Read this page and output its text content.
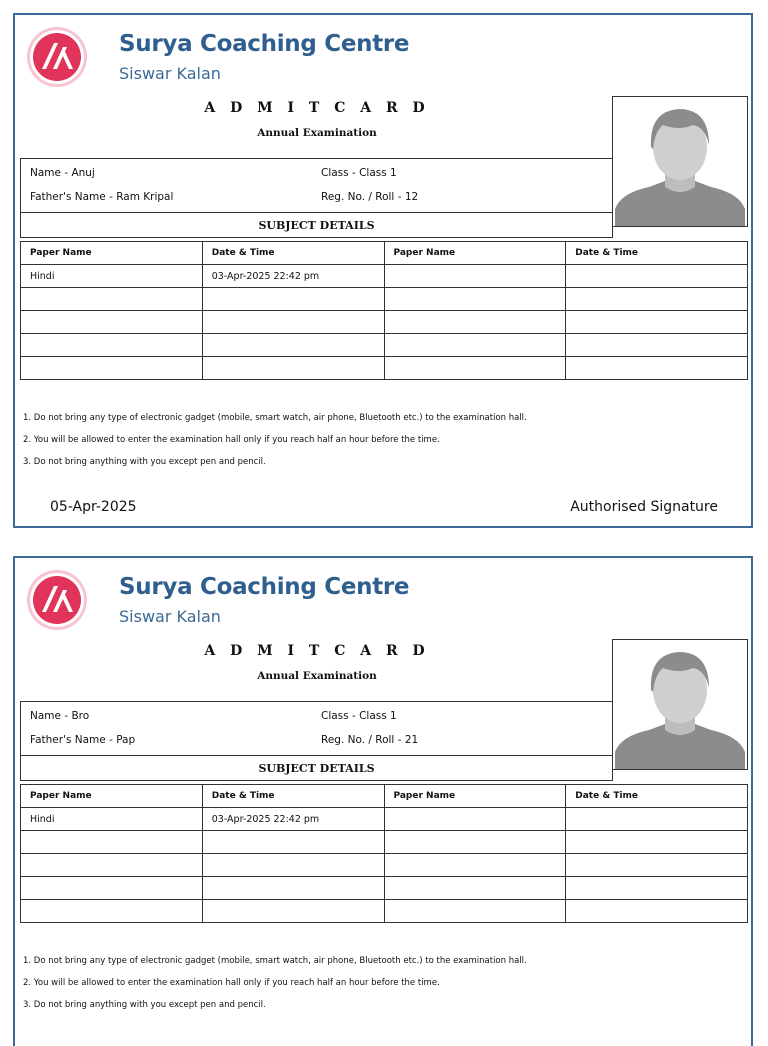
Surya Coaching Centre
Siswar Kalan
A D M I T C A R D
Annual Examination
Name - Anuj	Class - Class 1
Father's Name - Ram Kripal	Reg. No. / Roll - 12
SUBJECT DETAILS
Paper Name	Date & Time	Paper Name	Date & Time
Hindi	03-Apr-2025 22:42 pm		

1. Do not bring any type of electronic gadget (mobile, smart watch, air phone, Bluetooth etc.) to the examination hall.
2. You will be allowed to enter the examination hall only if you reach half an hour before the time.
3. Do not bring anything with you except pen and pencil.
05-Apr-2025	Authorised Signature
Surya Coaching Centre
Siswar Kalan
A D M I T C A R D
Annual Examination
Name - Bro	Class - Class 1
Father's Name - Pap	Reg. No. / Roll - 21
SUBJECT DETAILS
Paper Name	Date & Time	Paper Name	Date & Time
Hindi	03-Apr-2025 22:42 pm		

1. Do not bring any type of electronic gadget (mobile, smart watch, air phone, Bluetooth etc.) to the examination hall.
2. You will be allowed to enter the examination hall only if you reach half an hour before the time.
3. Do not bring anything with you except pen and pencil.
